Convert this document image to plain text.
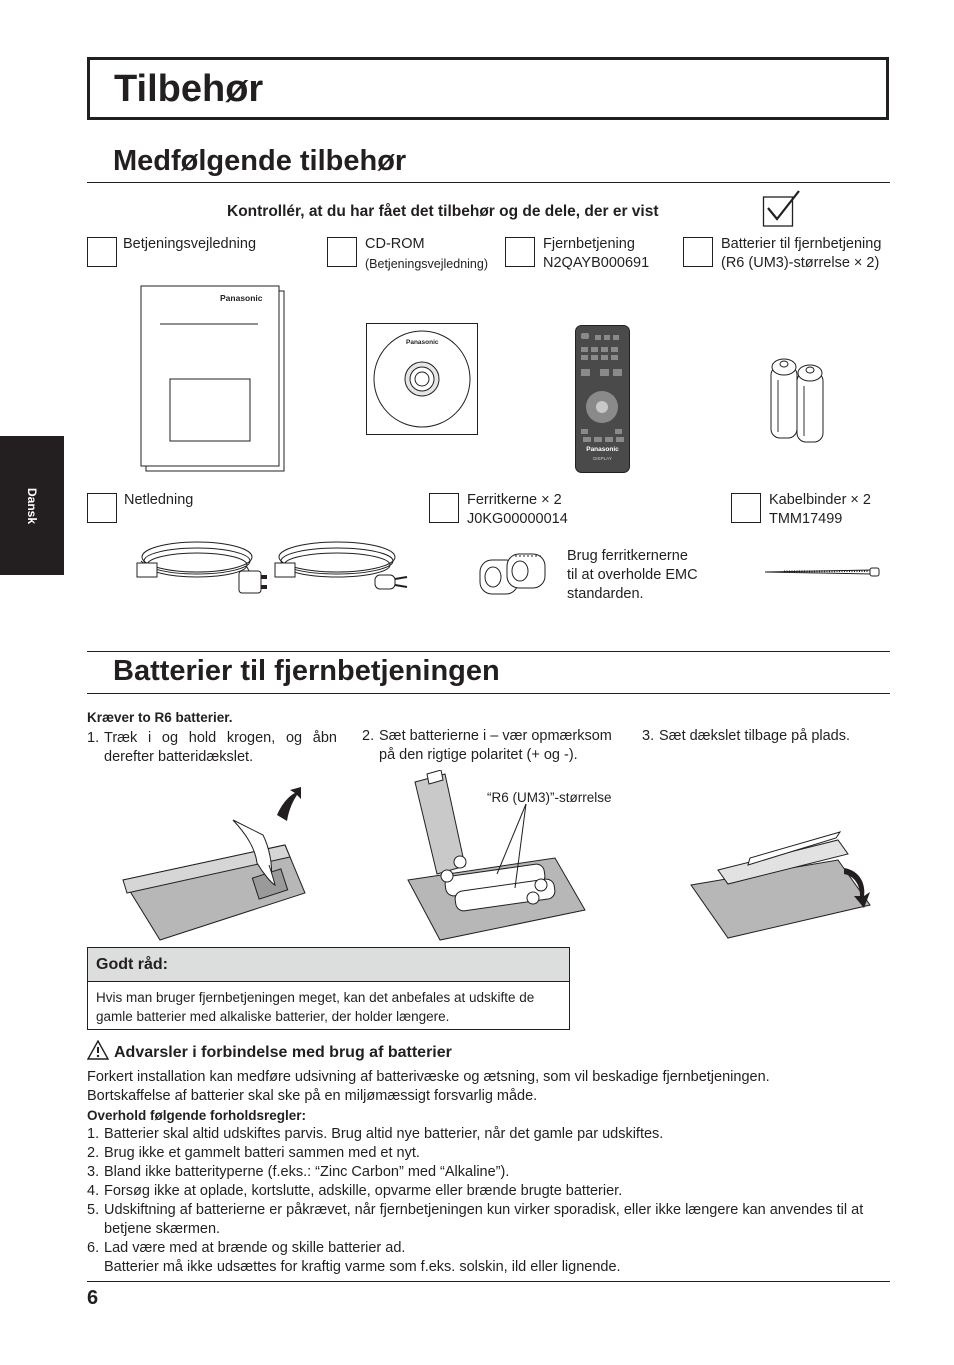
Tilbehør
Dansk
Medfølgende tilbehør
Kontrollér, at du har fået det tilbehør og de dele, der er vist
Betjeningsvejledning	CD-ROM
(Betjeningsvejledning)
Fjernbetjening
N2QAYB000691
Batterier til fjernbetjening
(R6 (UM3)-størrelse × 2)
Panasonic
Panasonic
Panasonic
DISPLAY
Netledning	Ferritkerne × 2
J0KG00000014
Kabelbinder × 2
TMM17499
Brug ferritkernerne
til at overholde EMC
standarden.
Batterier til fjernbetjeningen
Kræver to R6 batterier.
1. Træk i og hold krogen, og åbn derefter batteridækslet.
2. Sæt batterierne i – vær opmærksom på den rigtige polaritet (+ og -).
3. Sæt dækslet tilbage på plads.
“R6 (UM3)”-størrelse
Godt råd:
Hvis man bruger fjernbetjeningen meget, kan det anbefales at udskifte de gamle batterier med alkaliske batterier, der holder længere.
Advarsler i forbindelse med brug af batterier
Forkert installation kan medføre udsivning af batterivæske og ætsning, som vil beskadige fjernbetjeningen.
Bortskaffelse af batterier skal ske på en miljømæssigt forsvarlig måde.
Overhold følgende forholdsregler:
1. Batterier skal altid udskiftes parvis. Brug altid nye batterier, når det gamle par udskiftes.
2. Brug ikke et gammelt batteri sammen med et nyt.
3. Bland ikke batterityperne (f.eks.: “Zinc Carbon” med “Alkaline”).
4. Forsøg ikke at oplade, kortslutte, adskille, opvarme eller brænde brugte batterier.
5. Udskiftning af batterierne er påkrævet, når fjernbetjeningen kun virker sporadisk, eller ikke længere kan anvendes til at betjene skærmen.
6. Lad være med at brænde og skille batterier ad.
Batterier må ikke udsættes for kraftig varme som f.eks. solskin, ild eller lignende.
6
